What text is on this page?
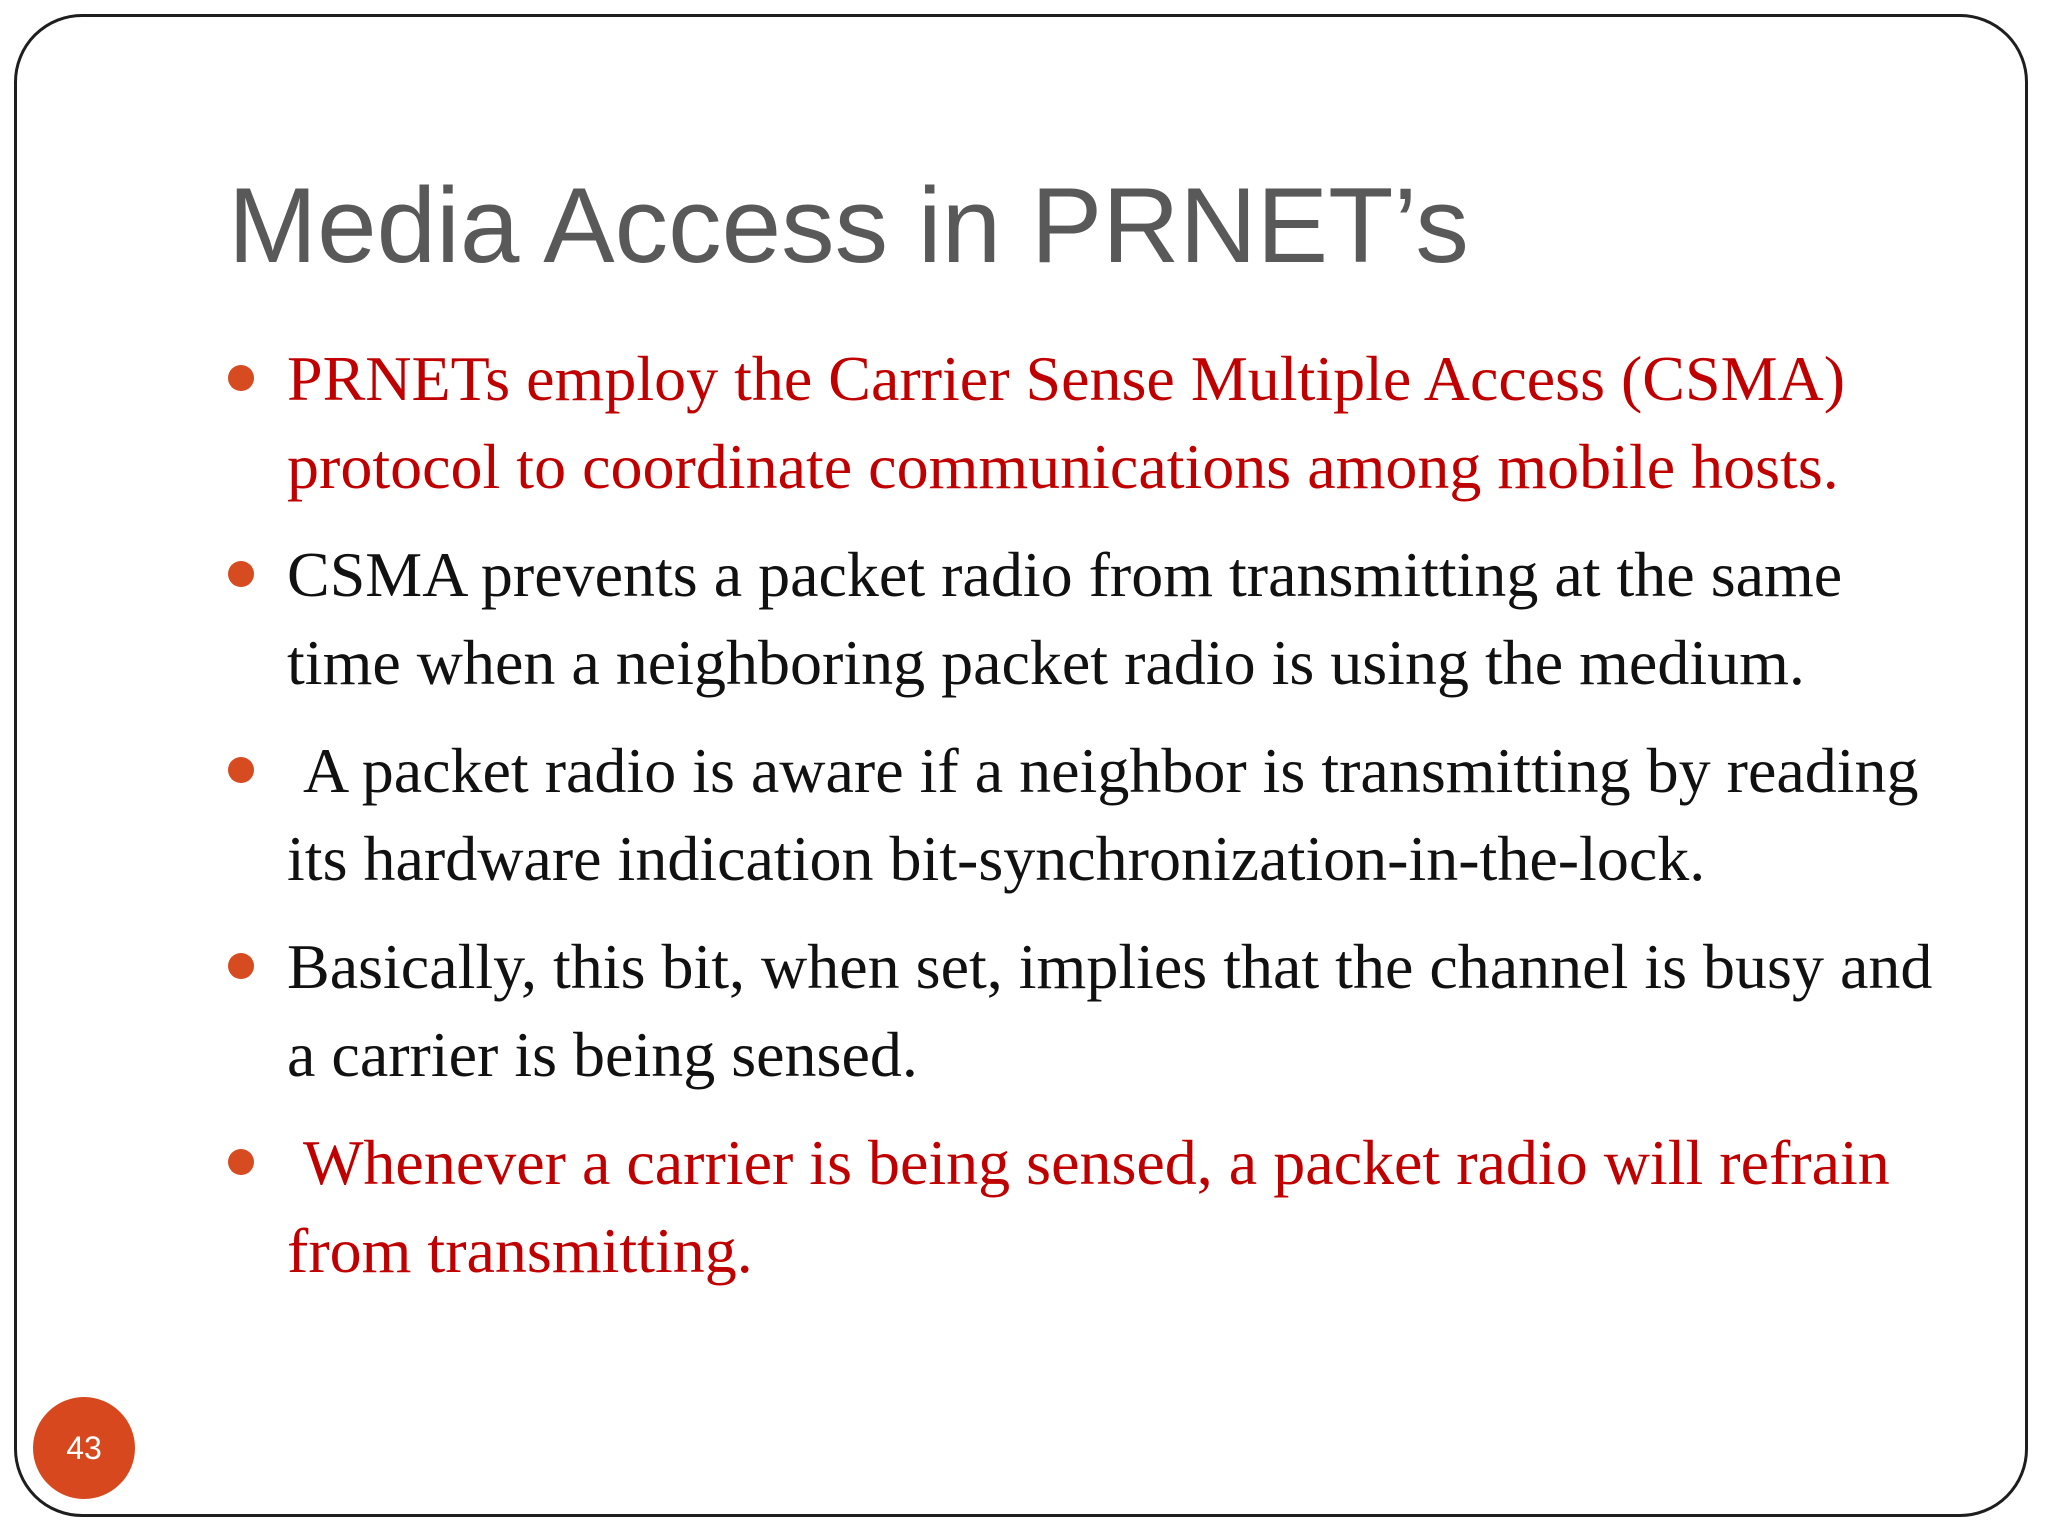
Media Access in PRNET’s
PRNETs employ the Carrier Sense Multiple Access (CSMA) protocol to coordinate communications among mobile hosts.
CSMA prevents a packet radio from transmitting at the same time when a neighboring packet radio is using the medium.
A packet radio is aware if a neighbor is transmitting by reading its hardware indication bit-synchronization-in-the-lock.
Basically, this bit, when set, implies that the channel is busy and a carrier is being sensed.
Whenever a carrier is being sensed, a packet radio will refrain from transmitting.
43
